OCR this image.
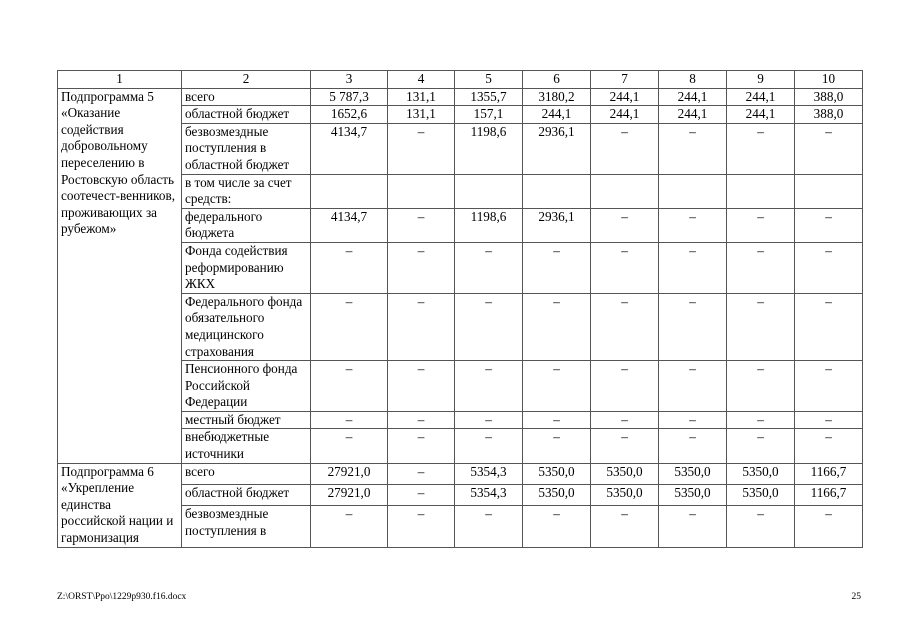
1	2	3	4	5	6	7	8	9	10
Подпрограмма 5 «Оказание содействия добровольному переселению в Ростовскую область соотечест-венников, проживающих за рубежом»	всего	5 787,3	131,1	1355,7	3180,2	244,1	244,1	244,1	388,0
	областной бюджет	1652,6	131,1	157,1	244,1	244,1	244,1	244,1	388,0
	безвозмездные поступления в областной бюджет	4134,7	–	1198,6	2936,1	–	–	–	–
	в том числе за счет средств:								
	федерального бюджета	4134,7	–	1198,6	2936,1	–	–	–	–
	Фонда содействия реформированию ЖКХ	–	–	–	–	–	–	–	–
	Федерального фонда обязательного медицинского страхования	–	–	–	–	–	–	–	–
	Пенсионного фонда Российской Федерации	–	–	–	–	–	–	–	–
	местный бюджет	–	–	–	–	–	–	–	–
	внебюджетные источники	–	–	–	–	–	–	–	–
Подпрограмма 6 «Укрепление единства российской нации и гармонизация	всего	27921,0	–	5354,3	5350,0	5350,0	5350,0	5350,0	1166,7
	областной бюджет	27921,0	–	5354,3	5350,0	5350,0	5350,0	5350,0	1166,7
	безвозмездные поступления в	–	–	–	–	–	–	–	–
Z:\ORST\Ppo\1229p930.f16.docx	25
